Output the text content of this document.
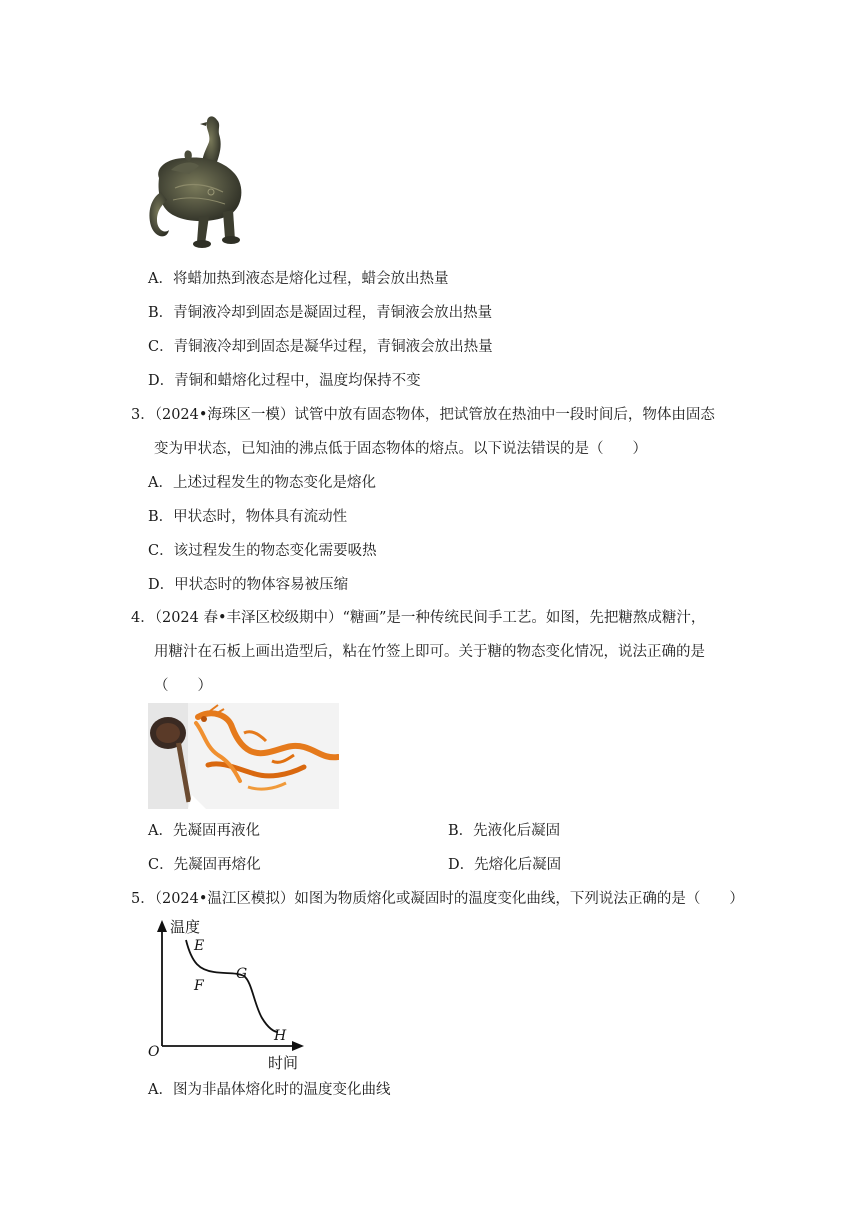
A．将蜡加热到液态是熔化过程，蜡会放出热量
B．青铜液冷却到固态是凝固过程，青铜液会放出热量
C．青铜液冷却到固态是凝华过程，青铜液会放出热量
D．青铜和蜡熔化过程中，温度均保持不变
3．（2024•海珠区一模）试管中放有固态物体，把试管放在热油中一段时间后，物体由固态
变为甲状态，已知油的沸点低于固态物体的熔点。以下说法错误的是（　　）
A．上述过程发生的物态变化是熔化
B．甲状态时，物体具有流动性
C．该过程发生的物态变化需要吸热
D．甲状态时的物体容易被压缩
4．（2024 春•丰泽区校级期中）“糖画”是一种传统民间手工艺。如图，先把糖熬成糖汁，
用糖汁在石板上画出造型后，粘在竹签上即可。关于糖的物态变化情况，说法正确的是
（　　）
A．先凝固再液化	B．先液化后凝固
C．先凝固再熔化	D．先熔化后凝固
5．（2024•温江区模拟）如图为物质熔化或凝固时的温度变化曲线，下列说法正确的是（　　）
温度
时间
O
E
F
G
H
A．图为非晶体熔化时的温度变化曲线
